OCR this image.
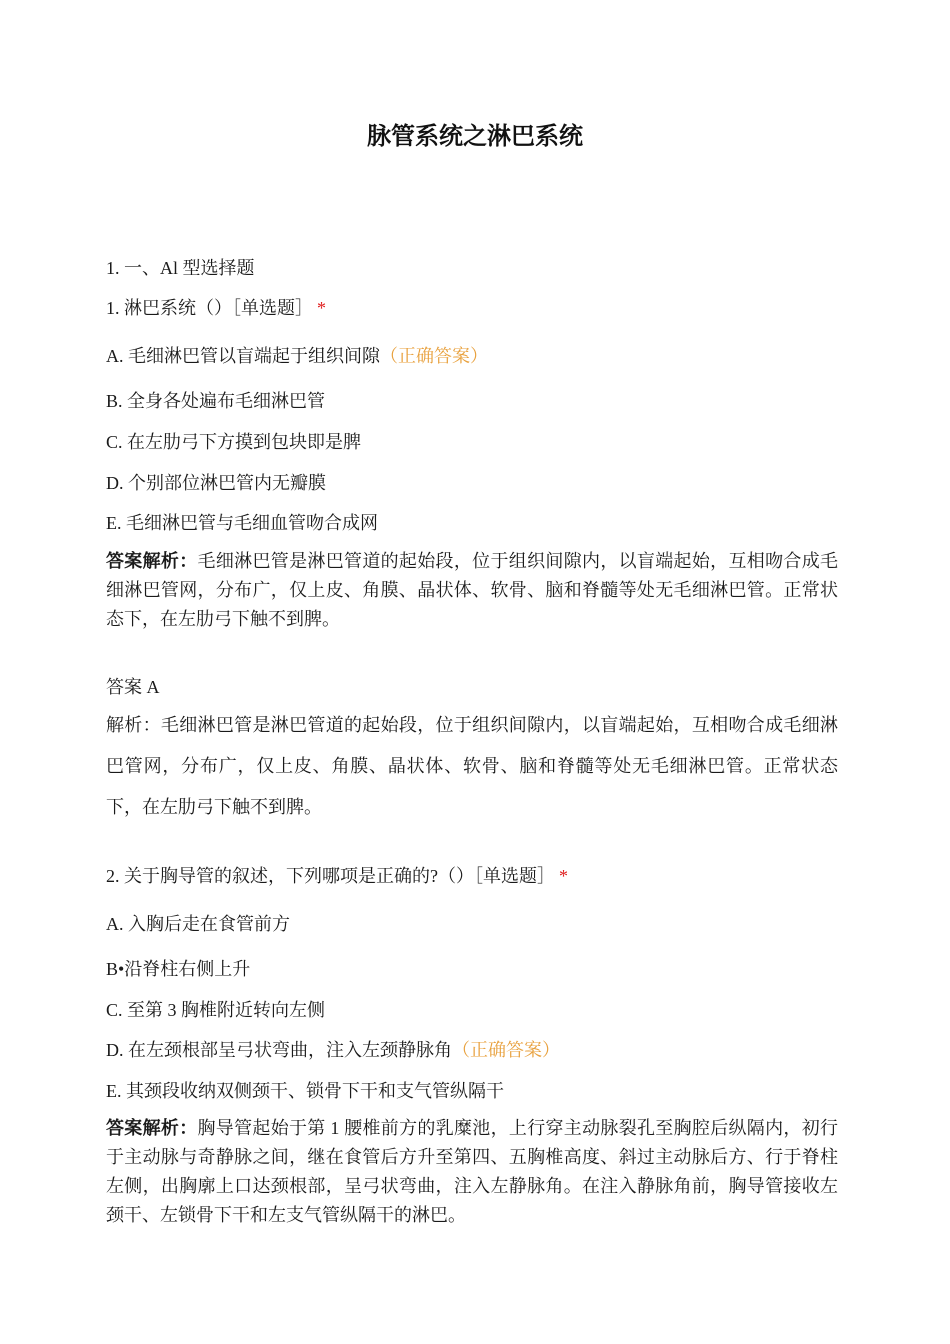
脉管系统之淋巴系统
1. 一、Al 型选择题
1. 淋巴系统（）［单选题］ *
A. 毛细淋巴管以盲端起于组织间隙（正确答案）
B. 全身各处遍布毛细淋巴管
C. 在左肋弓下方摸到包块即是脾
D. 个别部位淋巴管内无瓣膜
E. 毛细淋巴管与毛细血管吻合成网
答案解析：毛细淋巴管是淋巴管道的起始段，位于组织间隙内，以盲端起始，互相吻合成毛细淋巴管网，分布广，仅上皮、角膜、晶状体、软骨、脑和脊髓等处无毛细淋巴管。正常状态下，在左肋弓下触不到脾。
答案 A
解析：毛细淋巴管是淋巴管道的起始段，位于组织间隙内，以盲端起始，互相吻合成毛细淋巴管网，分布广，仅上皮、角膜、晶状体、软骨、脑和脊髓等处无毛细淋巴管。正常状态下，在左肋弓下触不到脾。
2. 关于胸导管的叙述，下列哪项是正确的?（）［单选题］ *
A. 入胸后走在食管前方
B•沿脊柱右侧上升
C. 至第 3 胸椎附近转向左侧
D. 在左颈根部呈弓状弯曲，注入左颈静脉角（正确答案）
E. 其颈段收纳双侧颈干、锁骨下干和支气管纵隔干
答案解析：胸导管起始于第 1 腰椎前方的乳糜池，上行穿主动脉裂孔至胸腔后纵隔内，初行于主动脉与奇静脉之间，继在食管后方升至第四、五胸椎高度、斜过主动脉后方、行于脊柱左侧，出胸廓上口达颈根部，呈弓状弯曲，注入左静脉角。在注入静脉角前，胸导管接收左颈干、左锁骨下干和左支气管纵隔干的淋巴。
